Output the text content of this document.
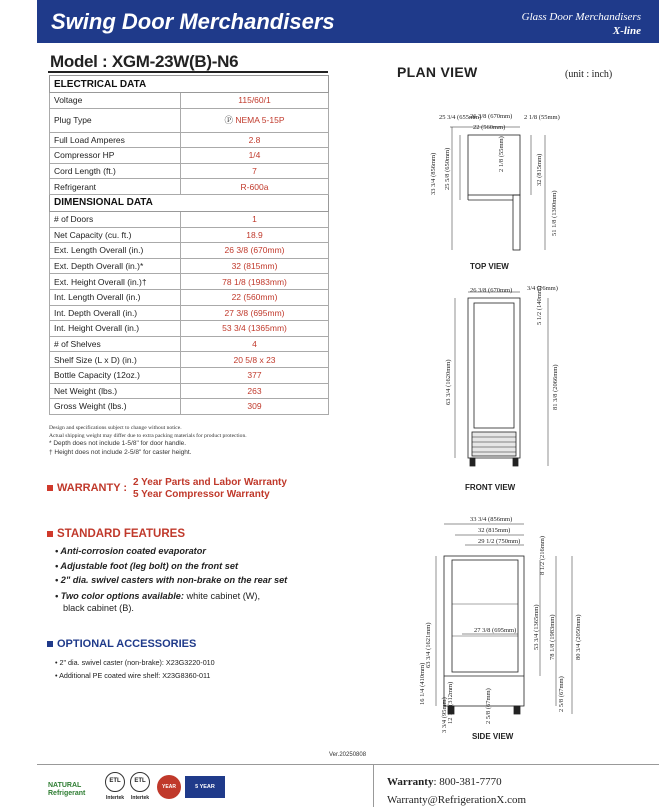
Swing Door Merchandisers	Glass Door Merchandisers
X-line
Model : XGM-23W(B)-N6
ELECTRICAL DATA	
Voltage	115/60/1
Plug Type	Ⓟ NEMA 5-15P
Full Load Amperes	2.8
Compressor HP	1/4
Cord Length (ft.)	7
Refrigerant	R-600a
DIMENSIONAL DATA	
# of Doors	1
Net Capacity (cu. ft.)	18.9
Ext. Length Overall (in.)	26 3/8 (670mm)
Ext. Depth Overall (in.)*	32 (815mm)
Ext. Height Overall (in.)†	78 1/8 (1983mm)
Int. Length Overall (in.)	22 (560mm)
Int. Depth Overall (in.)	27 3/8 (695mm)
Int. Height Overall (in.)	53 3/4 (1365mm)
# of Shelves	4
Shelf Size (L x D) (in.)	20 5/8 x 23
Bottle Capacity (12oz.)	377
Net Weight (lbs.)	263
Gross Weight (lbs.)	309
Design and specifications subject to change without notice.
Actual shipping weight may differ due to extra packing materials for product protection.
* Depth does not include 1-5/8" for door handle.
† Height does not include 2-5/8" for caster height.
WARRANTY : 2 Year Parts and Labor Warranty
5 Year Compressor Warranty
STANDARD FEATURES
• Anti-corrosion coated evaporator
• Adjustable foot (leg bolt) on the front set
• 2" dia. swivel casters with non-brake on the rear set
• Two color options available: white cabinet (W),
black cabinet (B).
OPTIONAL ACCESSORIES
• 2" dia. swivel caster (non-brake): X23G3220-010
• Additional PE coated wire shelf: X23G8360-011
Ver.20250808
NATURAL
Refrigerant
ETL
Intertek
ETL
Intertek
YEAR	5 YEAR	Warranty: 800-381-7770
Warranty@RefrigerationX.com
PLAN VIEW	(unit : inch)
TOP VIEW
FRONT VIEW
SIDE VIEW
26 3/8 (670mm)
22 (560mm)
25 3/4 (655mm)	2 1/8 (55mm)
33 3/4 (856mm) 25 5/8 (650mm)	2 1/8 (55mm)	32 (815mm)
51 1/8 (1300mm)
26 3/8 (670mm) 3/4 (16mm)
5 1/2 (140mm)
63 3/4 (1620mm)	81 3/8 (2066mm)
33 3/4 (856mm)
32 (815mm)
29 1/2 (750mm)	8 1/2 (216mm)
27 3/8 (695mm)
63 3/4 (1621mm)	53 3/4 (1365mm) 78 1/8 (1983mm)	80 3/4 (2050mm)
16 1/4 (410mm)	12 1/4 (312mm)
3 3/4 (95mm)	2 5/8 (67mm)	2 5/8 (67mm)
